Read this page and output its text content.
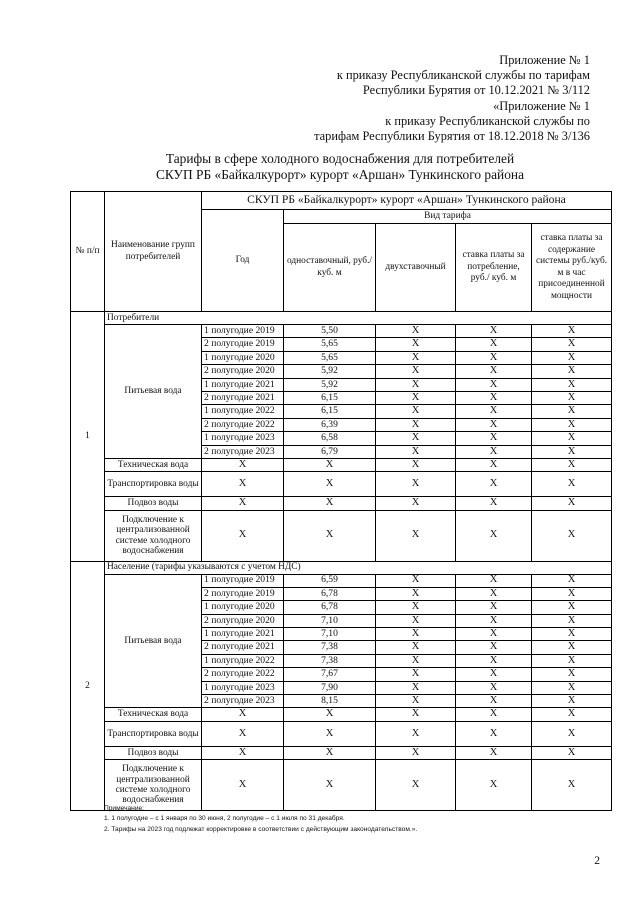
Приложение № 1
к приказу Республиканской службы по тарифам
Республики Бурятия от 10.12.2021 № 3/112
«Приложение № 1
к приказу Республиканской службы по
тарифам Республики Бурятия от 18.12.2018 № 3/136
Тарифы в сфере холодного водоснабжения для потребителей
СКУП РБ «Байкалкурорт» курорт «Аршан» Тункинского района
№ п/п	Наименование групп потребителей	СКУП РБ «Байкалкурорт» курорт «Аршан» Тункинского района				
		Год	Вид тарифа			
			одноставочный, руб./ куб. м	двухставочный	ставка платы за потребление, руб./ куб. м	ставка платы за содержание системы руб./куб. м в час присоединенной мощности
1	Потребители					
	Питьевая вода	1 полугодие 2019	5,50	X	X	X
		2 полугодие 2019	5,65	X	X	X
		1 полугодие 2020	5,65	X	X	X
		2 полугодие 2020	5,92	X	X	X
		1 полугодие 2021	5,92	X	X	X
		2 полугодие 2021	6,15	X	X	X
		1 полугодие 2022	6,15	X	X	X
		2 полугодие 2022	6,39	X	X	X
		1 полугодие 2023	6,58	X	X	X
		2 полугодие 2023	6,79	X	X	X
	Техническая вода	X	X	X	X	X
	Транспортировка воды	X	X	X	X	X
	Подвоз воды	X	X	X	X	X
	Подключение к централизованной системе холодного водоснабжения	X	X	X	X	X
2	Население (тарифы указываются с учетом НДС)					
	Питьевая вода	1 полугодие 2019	6,59	X	X	X
		2 полугодие 2019	6,78	X	X	X
		1 полугодие 2020	6,78	X	X	X
		2 полугодие 2020	7,10	X	X	X
		1 полугодие 2021	7,10	X	X	X
		2 полугодие 2021	7,38	X	X	X
		1 полугодие 2022	7,38	X	X	X
		2 полугодие 2022	7,67	X	X	X
		1 полугодие 2023	7,90	X	X	X
		2 полугодие 2023	8,15	X	X	X
	Техническая вода	X	X	X	X	X
	Транспортировка воды	X	X	X	X	X
	Подвоз воды	X	X	X	X	X
	Подключение к централизованной системе холодного водоснабжения	X	X	X	X	X
Примечание:
1. 1 полугодие – с 1 января по 30 июня, 2 полугодие – с 1 июля по 31 декабря.
2. Тарифы на 2023 год подлежат корректировке в соответствии с действующим законодательством.».
2
